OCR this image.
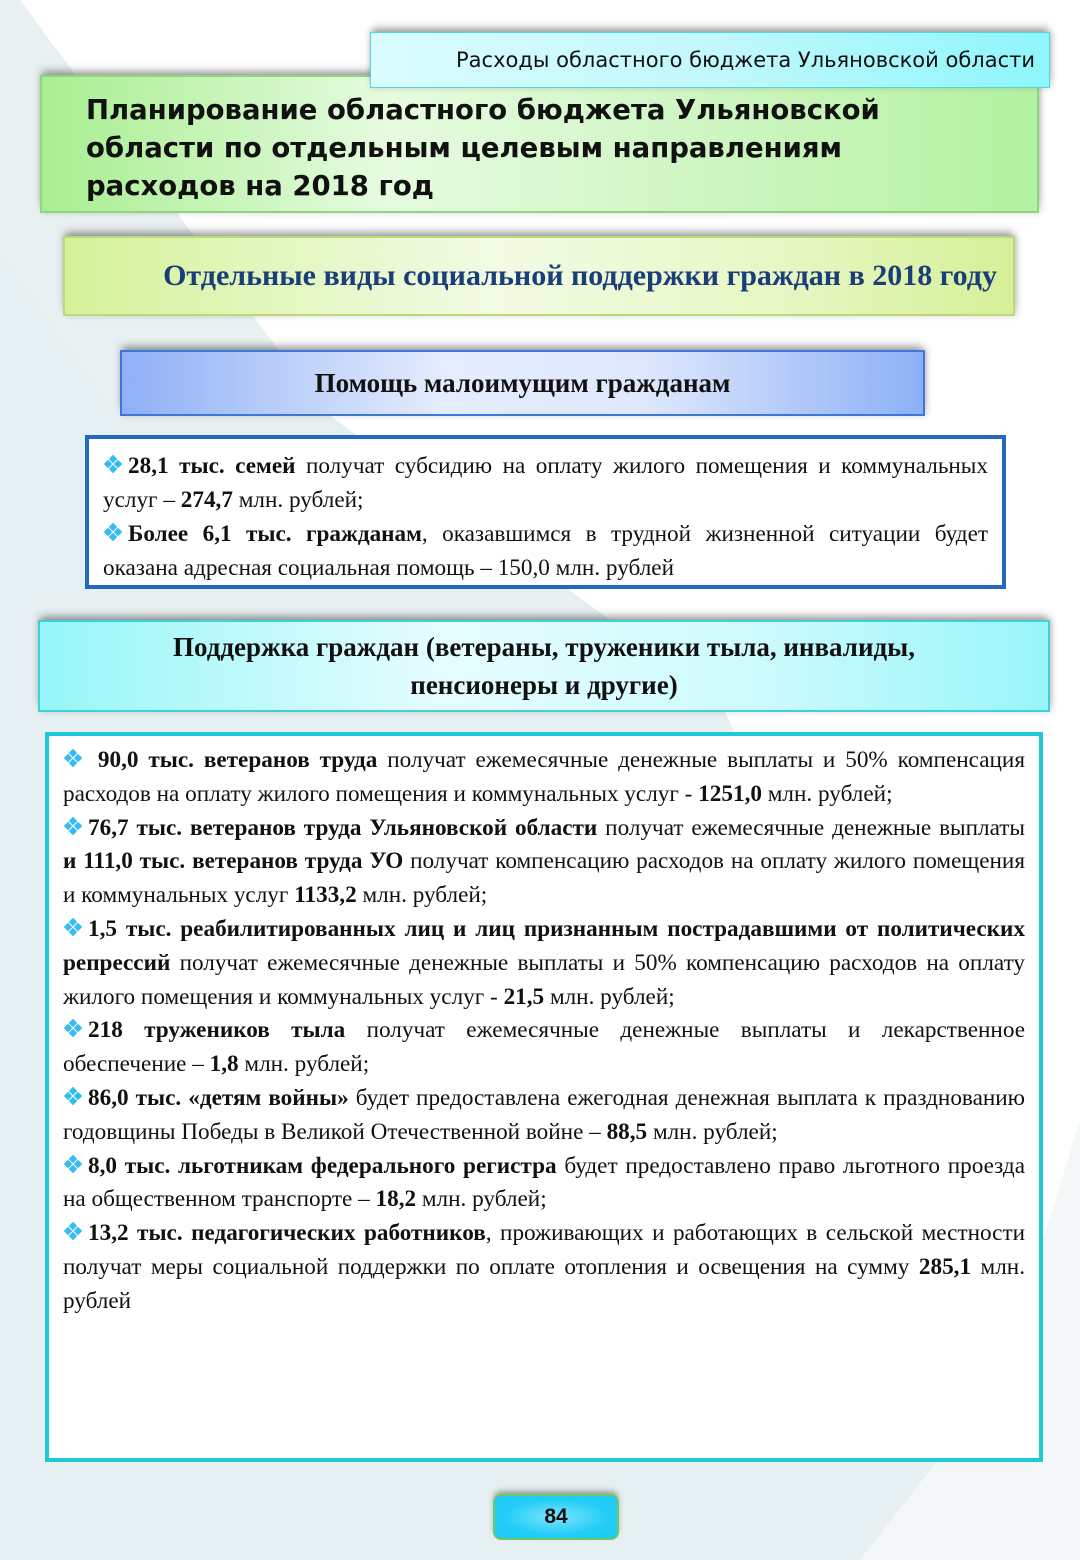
Расходы областного бюджета Ульяновской области
Планирование областного бюджета Ульяновской
области по отдельным целевым направлениям
расходов на 2018 год
Отдельные виды социальной поддержки граждан в 2018 году
Помощь малоимущим гражданам

28,1 тыс. семей получат субсидию на оплату жилого помещения и коммунальных услуг – 274,7 млн. рублей;

Более 6,1 тыс. гражданам, оказавшимся в трудной жизненной ситуации будет оказана адресная социальная помощь – 150,0 млн. рублей

Поддержка граждан (ветераны, труженики тыла, инвалиды,
пенсионеры и другие)

90,0 тыс. ветеранов труда получат ежемесячные денежные выплаты и 50% компенсация расходов на оплату жилого помещения и коммунальных услуг - 1251,0 млн. рублей;

76,7 тыс. ветеранов труда Ульяновской области получат ежемесячные денежные выплаты и 111,0 тыс. ветеранов труда УО получат компенсацию расходов на оплату жилого помещения и коммунальных услуг 1133,2 млн. рублей;

1,5 тыс. реабилитированных лиц и лиц признанным пострадавшими от политических репрессий получат ежемесячные денежные выплаты и 50% компенсацию расходов на оплату жилого помещения и коммунальных услуг - 21,5 млн. рублей;

218 тружеников тыла получат ежемесячные денежные выплаты и лекарственное обеспечение – 1,8 млн. рублей;

86,0 тыс. «детям войны» будет предоставлена ежегодная денежная выплата к празднованию годовщины Победы в Великой Отечественной войне – 88,5 млн. рублей;

8,0 тыс. льготникам федерального регистра будет предоставлено право льготного проезда на общественном транспорте – 18,2 млн. рублей;

13,2 тыс. педагогических работников, проживающих и работающих в сельской местности получат меры социальной поддержки по оплате отопления и освещения на сумму 285,1 млн. рублей

84
